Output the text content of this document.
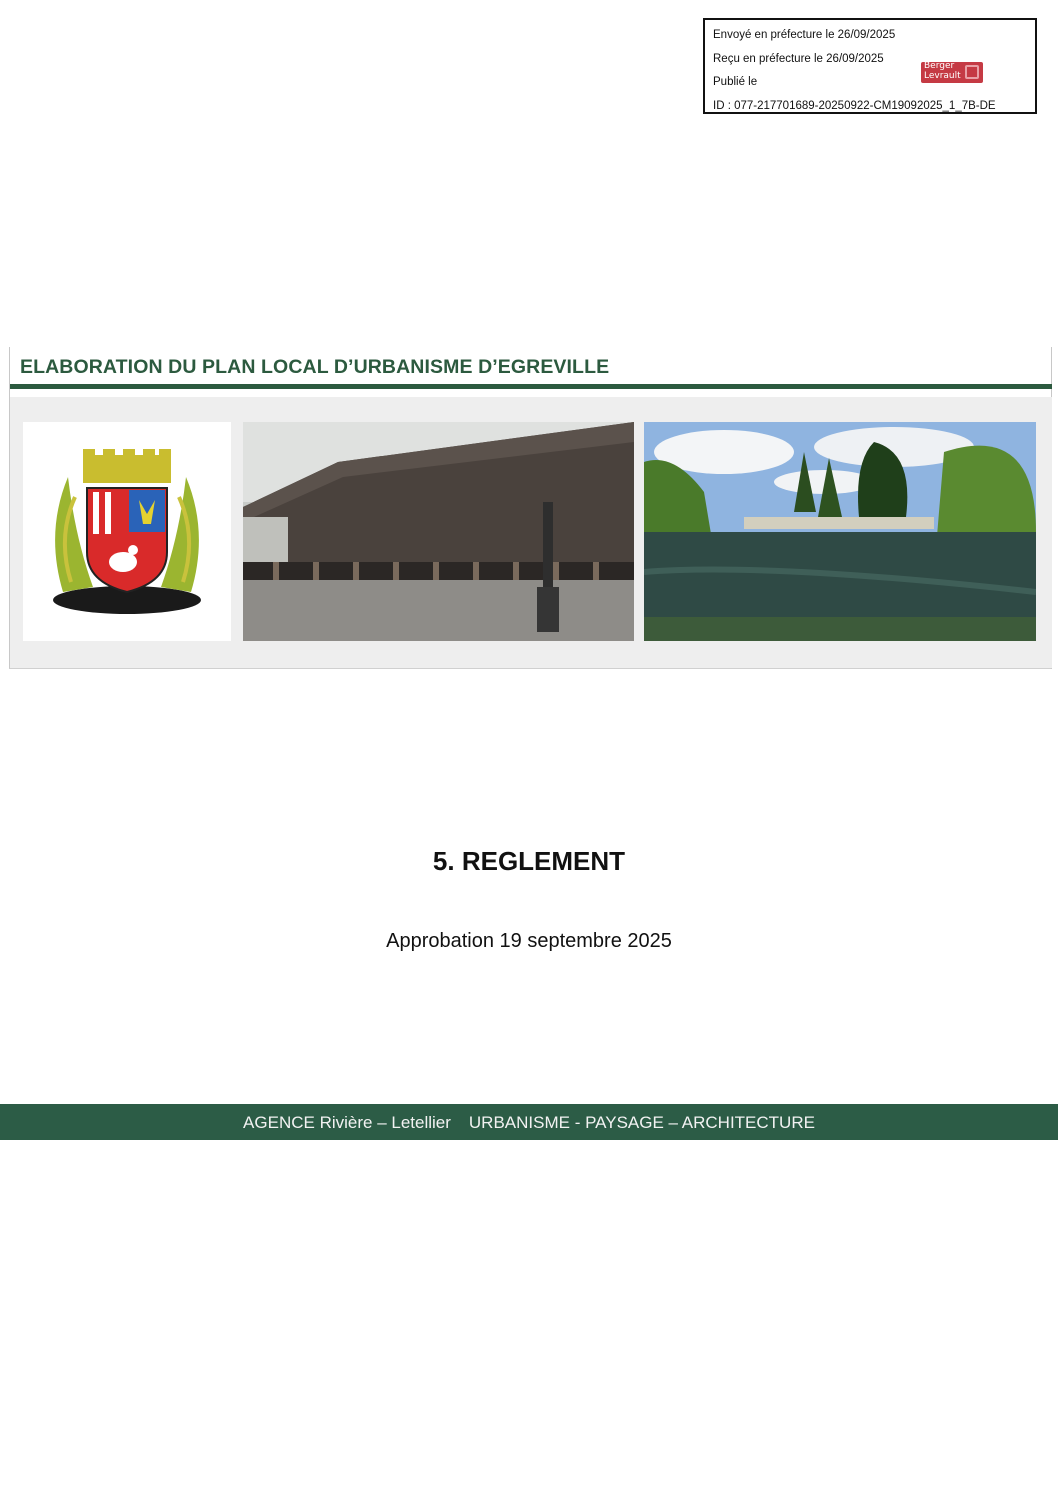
Envoyé en préfecture le 26/09/2025
Reçu en préfecture le 26/09/2025
Publié le
ID : 077-217701689-20250922-CM19092025_1_7B-DE
Berger
Levrault
ELABORATION DU PLAN LOCAL D’URBANISME D’EGREVILLE
5. REGLEMENT
Approbation 19 septembre 2025
AGENCE Rivière – Letellier URBANISME - PAYSAGE – ARCHITECTURE
